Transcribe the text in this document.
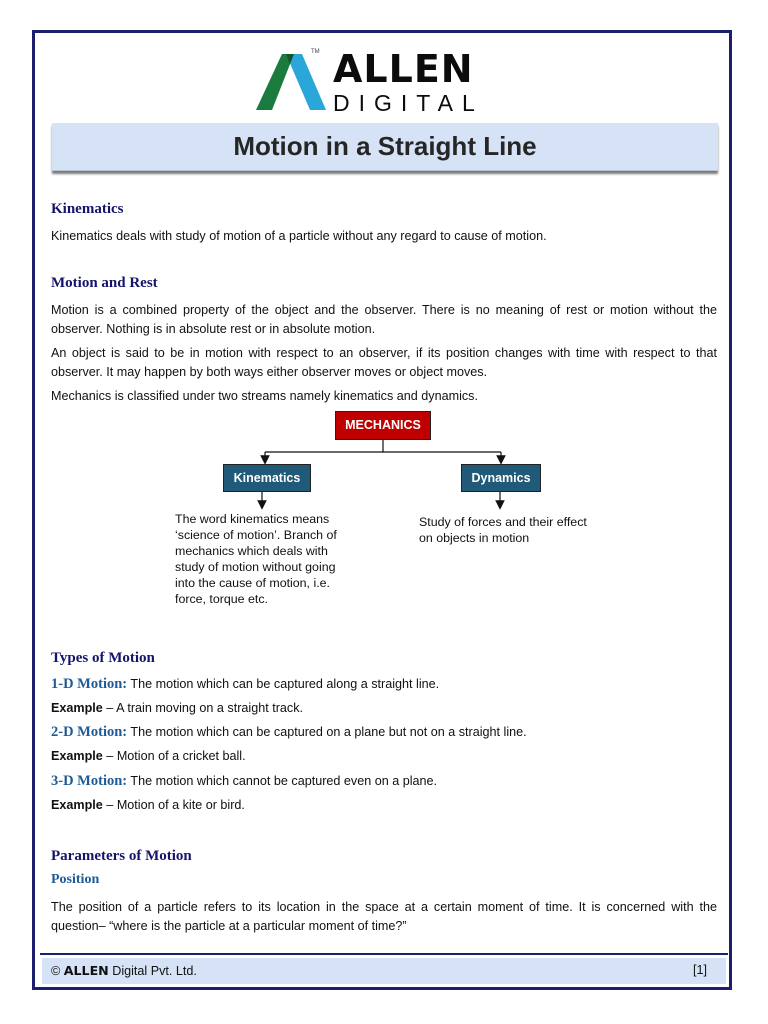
TM ALLEN
DIGITAL
Motion in a Straight Line
Kinematics
Kinematics deals with study of motion of a particle without any regard to cause of motion.
Motion and Rest
Motion is a combined property of the object and the observer. There is no meaning of rest or motion without the observer. Nothing is in absolute rest or in absolute motion.
An object is said to be in motion with respect to an observer, if its position changes with time with respect to that observer. It may happen by both ways either observer moves or object moves.
Mechanics is classified under two streams namely kinematics and dynamics.
MECHANICS
Kinematics	Dynamics
The word kinematics means ‘science of motion’. Branch of mechanics which deals with study of motion without going into the cause of motion, i.e. force, torque etc.
Study of forces and their effect on objects in motion
Types of Motion
1-D Motion: The motion which can be captured along a straight line.
Example – A train moving on a straight track.
2-D Motion: The motion which can be captured on a plane but not on a straight line.
Example – Motion of a cricket ball.
3-D Motion: The motion which cannot be captured even on a plane.
Example – Motion of a kite or bird.
Parameters of Motion
Position
The position of a particle refers to its location in the space at a certain moment of time. It is concerned with the question– “where is the particle at a particular moment of time?”
© ALLEN Digital Pvt. Ltd.	[1]
